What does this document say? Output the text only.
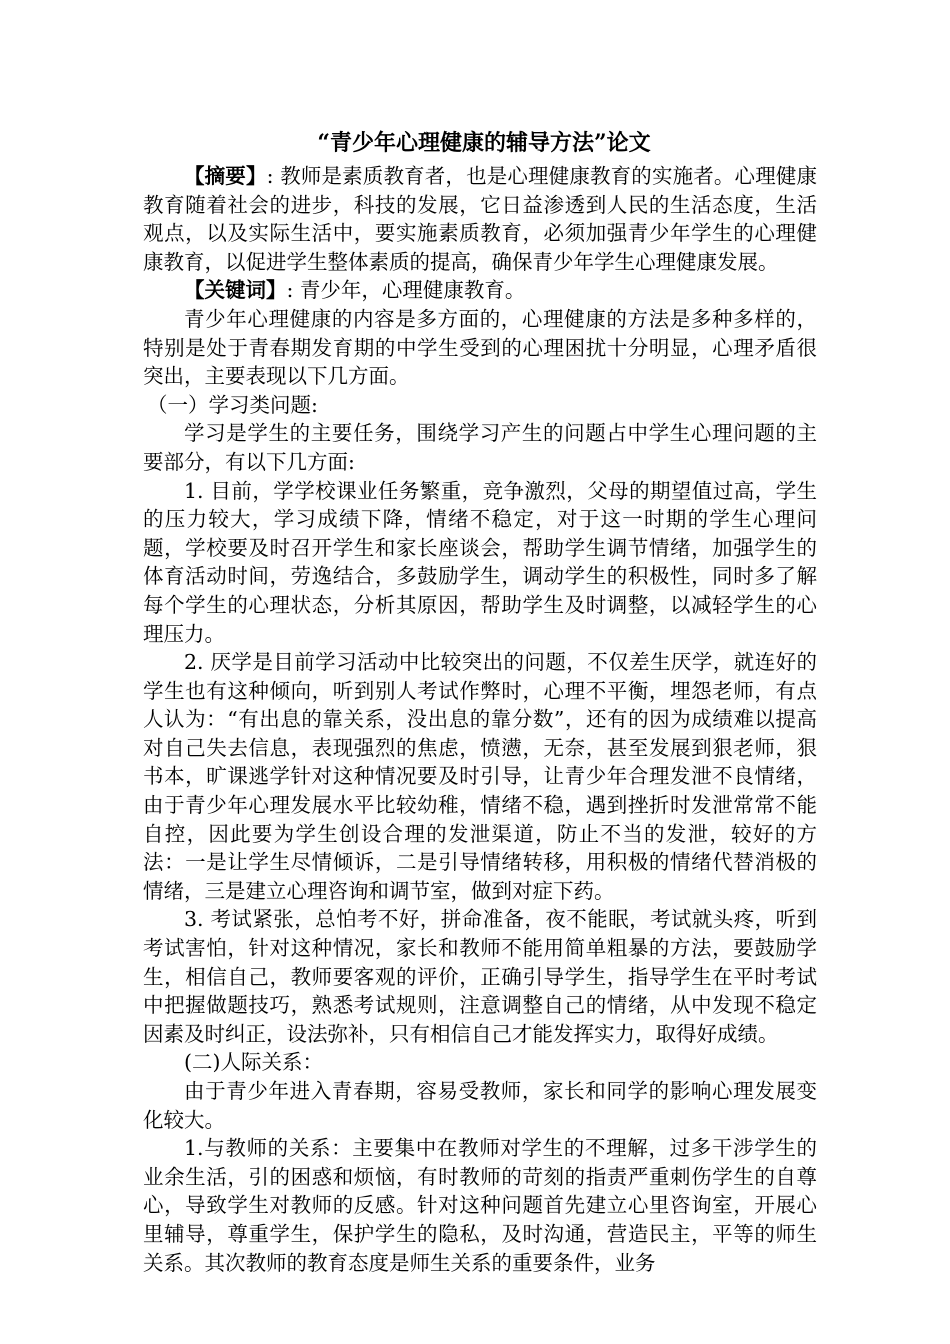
“青少年心理健康的辅导方法”论文

【摘要】: 教师是素质教育者，也是心理健康教育的实施者。心理健康教育随着社会的进步，科技的发展，它日益渗透到人民的生活态度，生活观点，以及实际生活中，要实施素质教育，必须加强青少年学生的心理健康教育，以促进学生整体素质的提高，确保青少年学生心理健康发展。

【关键词】: 青少年，心理健康教育。

青少年心理健康的内容是多方面的，心理健康的方法是多种多样的，特别是处于青春期发育期的中学生受到的心理困扰十分明显，心理矛盾很突出，主要表现以下几方面。

（一）学习类问题:

学习是学生的主要任务，围绕学习产生的问题占中学生心理问题的主要部分，有以下几方面:

1. 目前，学学校课业任务繁重，竞争激烈，父母的期望值过高，学生的压力较大，学习成绩下降，情绪不稳定，对于这一时期的学生心理问题，学校要及时召开学生和家长座谈会，帮助学生调节情绪，加强学生的体育活动时间，劳逸结合，多鼓励学生，调动学生的积极性，同时多了解每个学生的心理状态，分析其原因，帮助学生及时调整，以减轻学生的心理压力。

2. 厌学是目前学习活动中比较突出的问题，不仅差生厌学，就连好的学生也有这种倾向，听到别人考试作弊时，心理不平衡，埋怨老师，有点人认为：“有出息的靠关系，没出息的靠分数”，还有的因为成绩难以提高对自己失去信息，表现强烈的焦虑，愤懑，无奈，甚至发展到狠老师，狠书本，旷课逃学针对这种情况要及时引导，让青少年合理发泄不良情绪，由于青少年心理发展水平比较幼稚，情绪不稳，遇到挫折时发泄常常不能自控，因此要为学生创设合理的发泄渠道，防止不当的发泄，较好的方法：一是让学生尽情倾诉，二是引导情绪转移，用积极的情绪代替消极的情绪，三是建立心理咨询和调节室，做到对症下药。

3. 考试紧张，总怕考不好，拼命准备，夜不能眠，考试就头疼，听到考试害怕，针对这种情况，家长和教师不能用简单粗暴的方法，要鼓励学生，相信自己，教师要客观的评价，正确引导学生，指导学生在平时考试中把握做题技巧，熟悉考试规则，注意调整自己的情绪，从中发现不稳定因素及时纠正，设法弥补，只有相信自己才能发挥实力，取得好成绩。

(二)人际关系：

由于青少年进入青春期，容易受教师，家长和同学的影响心理发展变化较大。

1.与教师的关系：主要集中在教师对学生的不理解，过多干涉学生的业余生活，引的困惑和烦恼，有时教师的苛刻的指责严重刺伤学生的自尊心，导致学生对教师的反感。针对这种问题首先建立心里咨询室，开展心里辅导，尊重学生，保护学生的隐私，及时沟通，营造民主，平等的师生关系。其次教师的教育态度是师生关系的重要条件，业务
